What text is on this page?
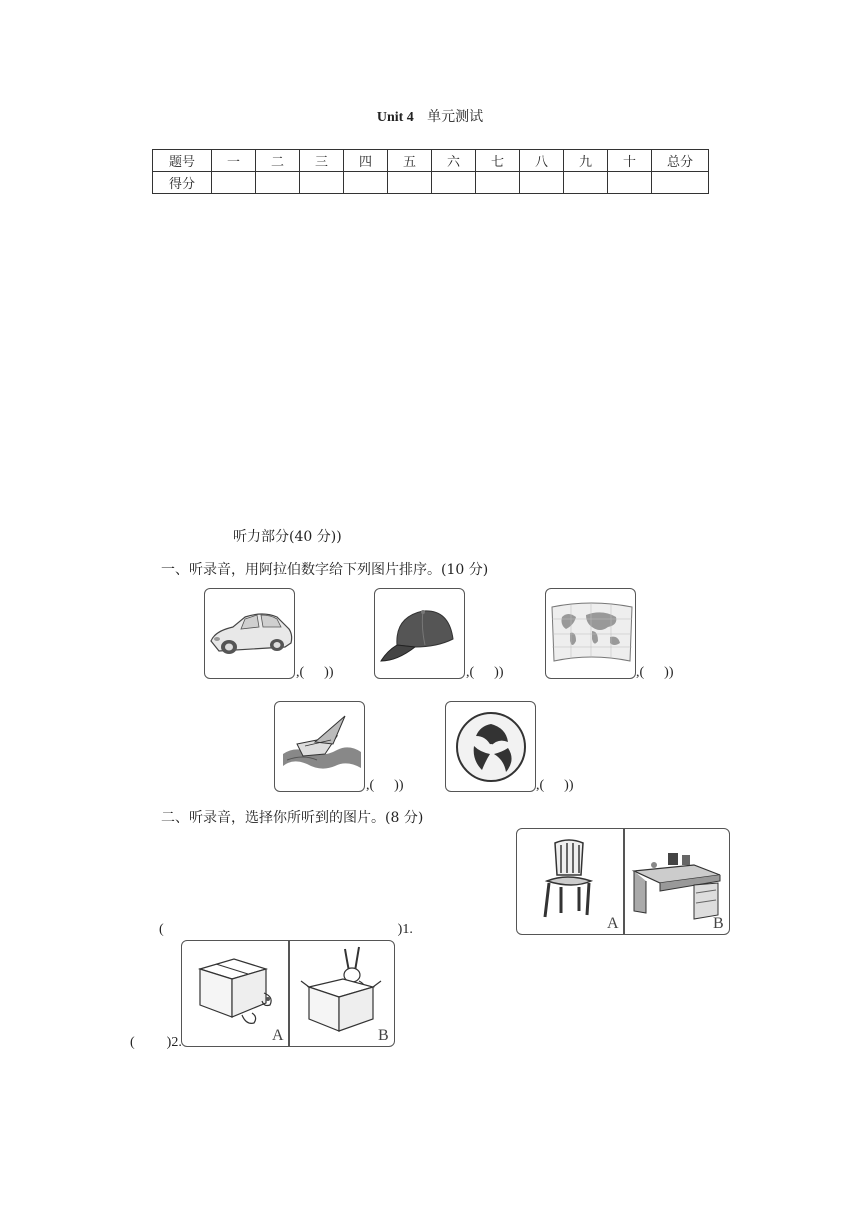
Unit 4 单元测试
题号	一	二	三	四	五	六	七	八	九	十	总分
得分											
听力部分(40 分))
一、听录音，用阿拉伯数字给下列图片排序。(10 分)
,( ))	,( ))	,( ))
,( ))	,( ))
二、听录音，选择你所听到的图片。(8 分)
A	B
(	)1.
A	B
( )2.
